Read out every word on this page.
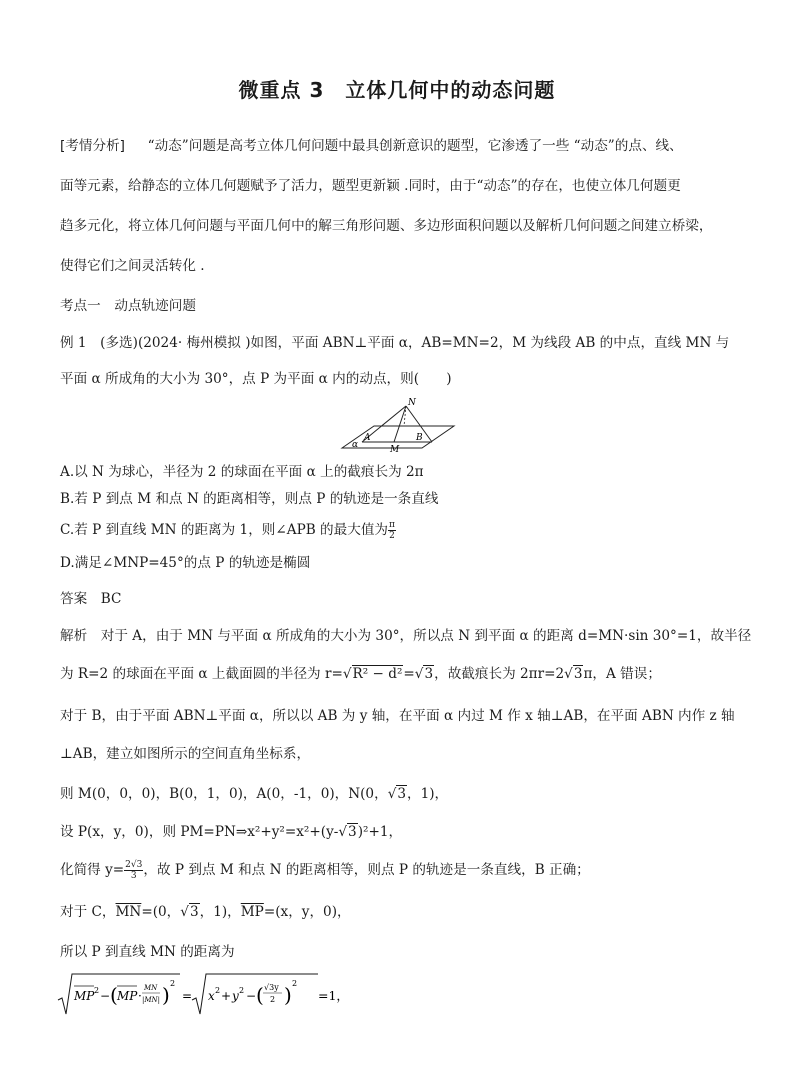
微重点 3　立体几何中的动态问题
[考情分析] “动态”问题是高考立体几何问题中最具创新意识的题型，它渗透了一些 “动态”的点、线、
面等元素，给静态的立体几何题赋予了活力，题型更新颖 .同时，由于“动态”的存在，也使立体几何题更
趋多元化，将立体几何问题与平面几何中的解三角形问题、多边形面积问题以及解析几何问题之间建立桥梁，
使得它们之间灵活转化 .
考点一　动点轨迹问题
例 1　(多选)(2024· 梅州模拟 )如图，平面 ABN⊥平面 α，AB=MN=2，M 为线段 AB 的中点，直线 MN 与
平面 α 所成角的大小为 30°，点 P 为平面 α 内的动点，则(　　)
N
A
M
B
α
A.以 N 为球心，半径为 2 的球面在平面 α 上的截痕长为 2π
B.若 P 到点 M 和点 N 的距离相等，则点 P 的轨迹是一条直线
C.若 P 到直线 MN 的距离为 1，则∠APB 的最大值为 $\frac{\pi}{2}$
D.满足∠MNP=45°的点 P 的轨迹是椭圆
答案　BC
解析　对于 A，由于 MN 与平面 α 所成角的大小为 30°，所以点 N 到平面 α 的距离 d=MN·sin 30°=1，故半径
为 R=2 的球面在平面 α 上截面圆的半径为 r=√R² − d²=√3，故截痕长为 2πr=2√3π，A 错误；
对于 B，由于平面 ABN⊥平面 α，所以以 AB 为 y 轴，在平面 α 内过 M 作 x 轴⊥AB，在平面 ABN 内作 z 轴
⊥AB，建立如图所示的空间直角坐标系，
则 M(0，0，0)，B(0，1，0)，A(0，-1，0)，N(0，√3，1)，
设 P(x，y，0)，则 PM=PN⇒x²+y²=x²+(y-√3)²+1，
化简得 $y= \frac{2√3}{3}$ ，故 P 到点 M 和点 N 的距离相等，则点 P 的轨迹是一条直线，B 正确；
对于 C，$\overline{MN}=(0$，√3，1)，$\overline{MP}=(x$，y，0)，
所以 P 到直线 MN 的距离为
MP 2 − ( MP ·
MN
|MN| ) 2
= x 2 + y 2 − ( √3y
2 ) 2
=1，
